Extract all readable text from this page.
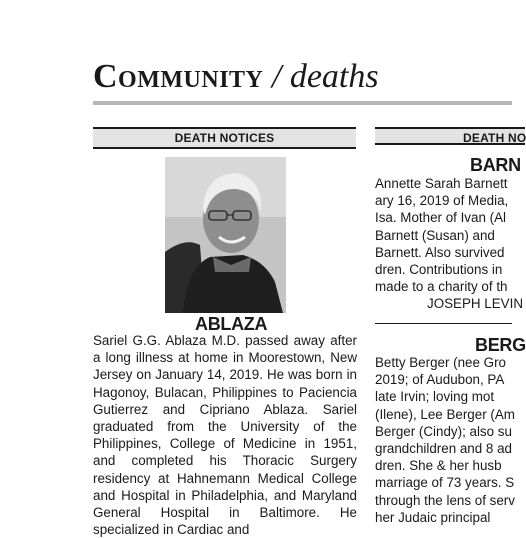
Community / deaths
DEATH NOTICES	DEATH NO
ABLAZA

Sariel G.G. Ablaza M.D. passed away after a long illness at home in Moorestown, New Jersey on January 14, 2019. He was born in Hagonoy, Bulacan, Philippines to Paciencia Gutierrez and Cipriano Ablaza. Sariel graduated from the University of the Philippines, College of Medicine in 1951, and completed his Thoracic Surgery residency at Hahnemann Medical College and Hospital in Philadelphia, and Maryland General Hospital in Baltimore. He specialized in Cardiac and

BARN
Annette Sarah Barnett
ary 16, 2019 of Media,
Isa. Mother of Ivan (Al
Barnett (Susan) and
Barnett. Also survived
dren. Contributions in
made to a charity of th
JOSEPH LEVIN
BERG
Betty Berger (nee Gro
2019; of Audubon, PA
late Irvin; loving mot
(Ilene), Lee Berger (Am
Berger (Cindy); also su
grandchildren and 8 ad
dren. She & her husb
marriage of 73 years. S
through the lens of serv
her Judaic principal
